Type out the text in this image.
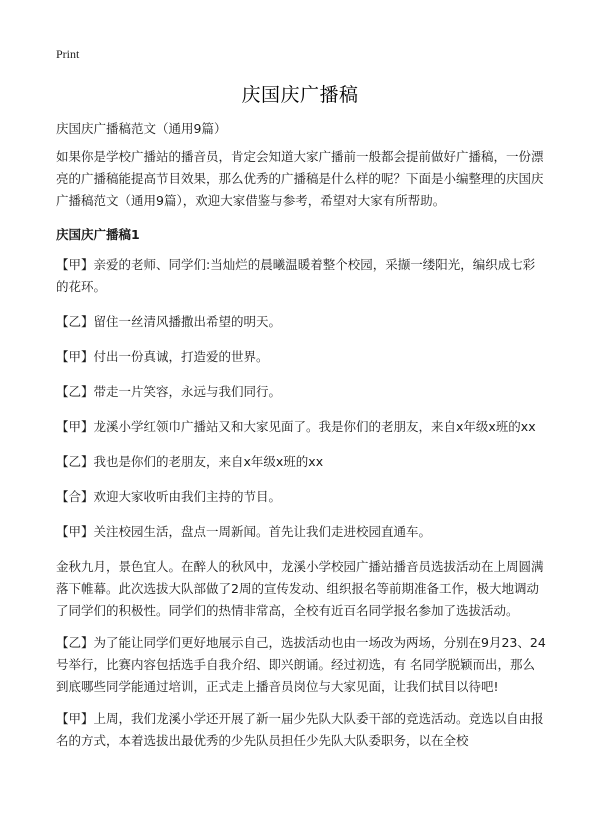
Print
庆国庆广播稿

庆国庆广播稿范文（通用9篇）

如果你是学校广播站的播音员，肯定会知道大家广播前一般都会提前做好广播稿，一份漂亮的广播稿能提高节目效果，那么优秀的广播稿是什么样的呢？下面是小编整理的庆国庆广播稿范文（通用9篇），欢迎大家借鉴与参考，希望对大家有所帮助。

庆国庆广播稿1

【甲】亲爱的老师、同学们:当灿烂的晨曦温暖着整个校园，采撷一缕阳光，编织成七彩的花环。

【乙】留住一丝清风播撒出希望的明天。

【甲】付出一份真诚，打造爱的世界。

【乙】带走一片笑容，永远与我们同行。

【甲】龙溪小学红领巾广播站又和大家见面了。我是你们的老朋友，来自x年级x班的xx

【乙】我也是你们的老朋友，来自x年级x班的xx

【合】欢迎大家收听由我们主持的节目。

【甲】关注校园生活，盘点一周新闻。首先让我们走进校园直通车。

金秋九月，景色宜人。在醉人的秋风中，龙溪小学校园广播站播音员选拔活动在上周圆满落下帷幕。此次选拔大队部做了2周的宣传发动、组织报名等前期准备工作，极大地调动了同学们的积极性。同学们的热情非常高，全校有近百名同学报名参加了选拔活动。

【乙】为了能让同学们更好地展示自己，选拔活动也由一场改为两场，分别在9月23、24号举行，比赛内容包括选手自我介绍、即兴朗诵。经过初选，有 名同学脱颖而出，那么到底哪些同学能通过培训，正式走上播音员岗位与大家见面，让我们拭目以待吧!

【甲】上周，我们龙溪小学还开展了新一届少先队大队委干部的竞选活动。竞选以自由报名的方式，本着选拔出最优秀的少先队员担任少先队大队委职务，以在全校
